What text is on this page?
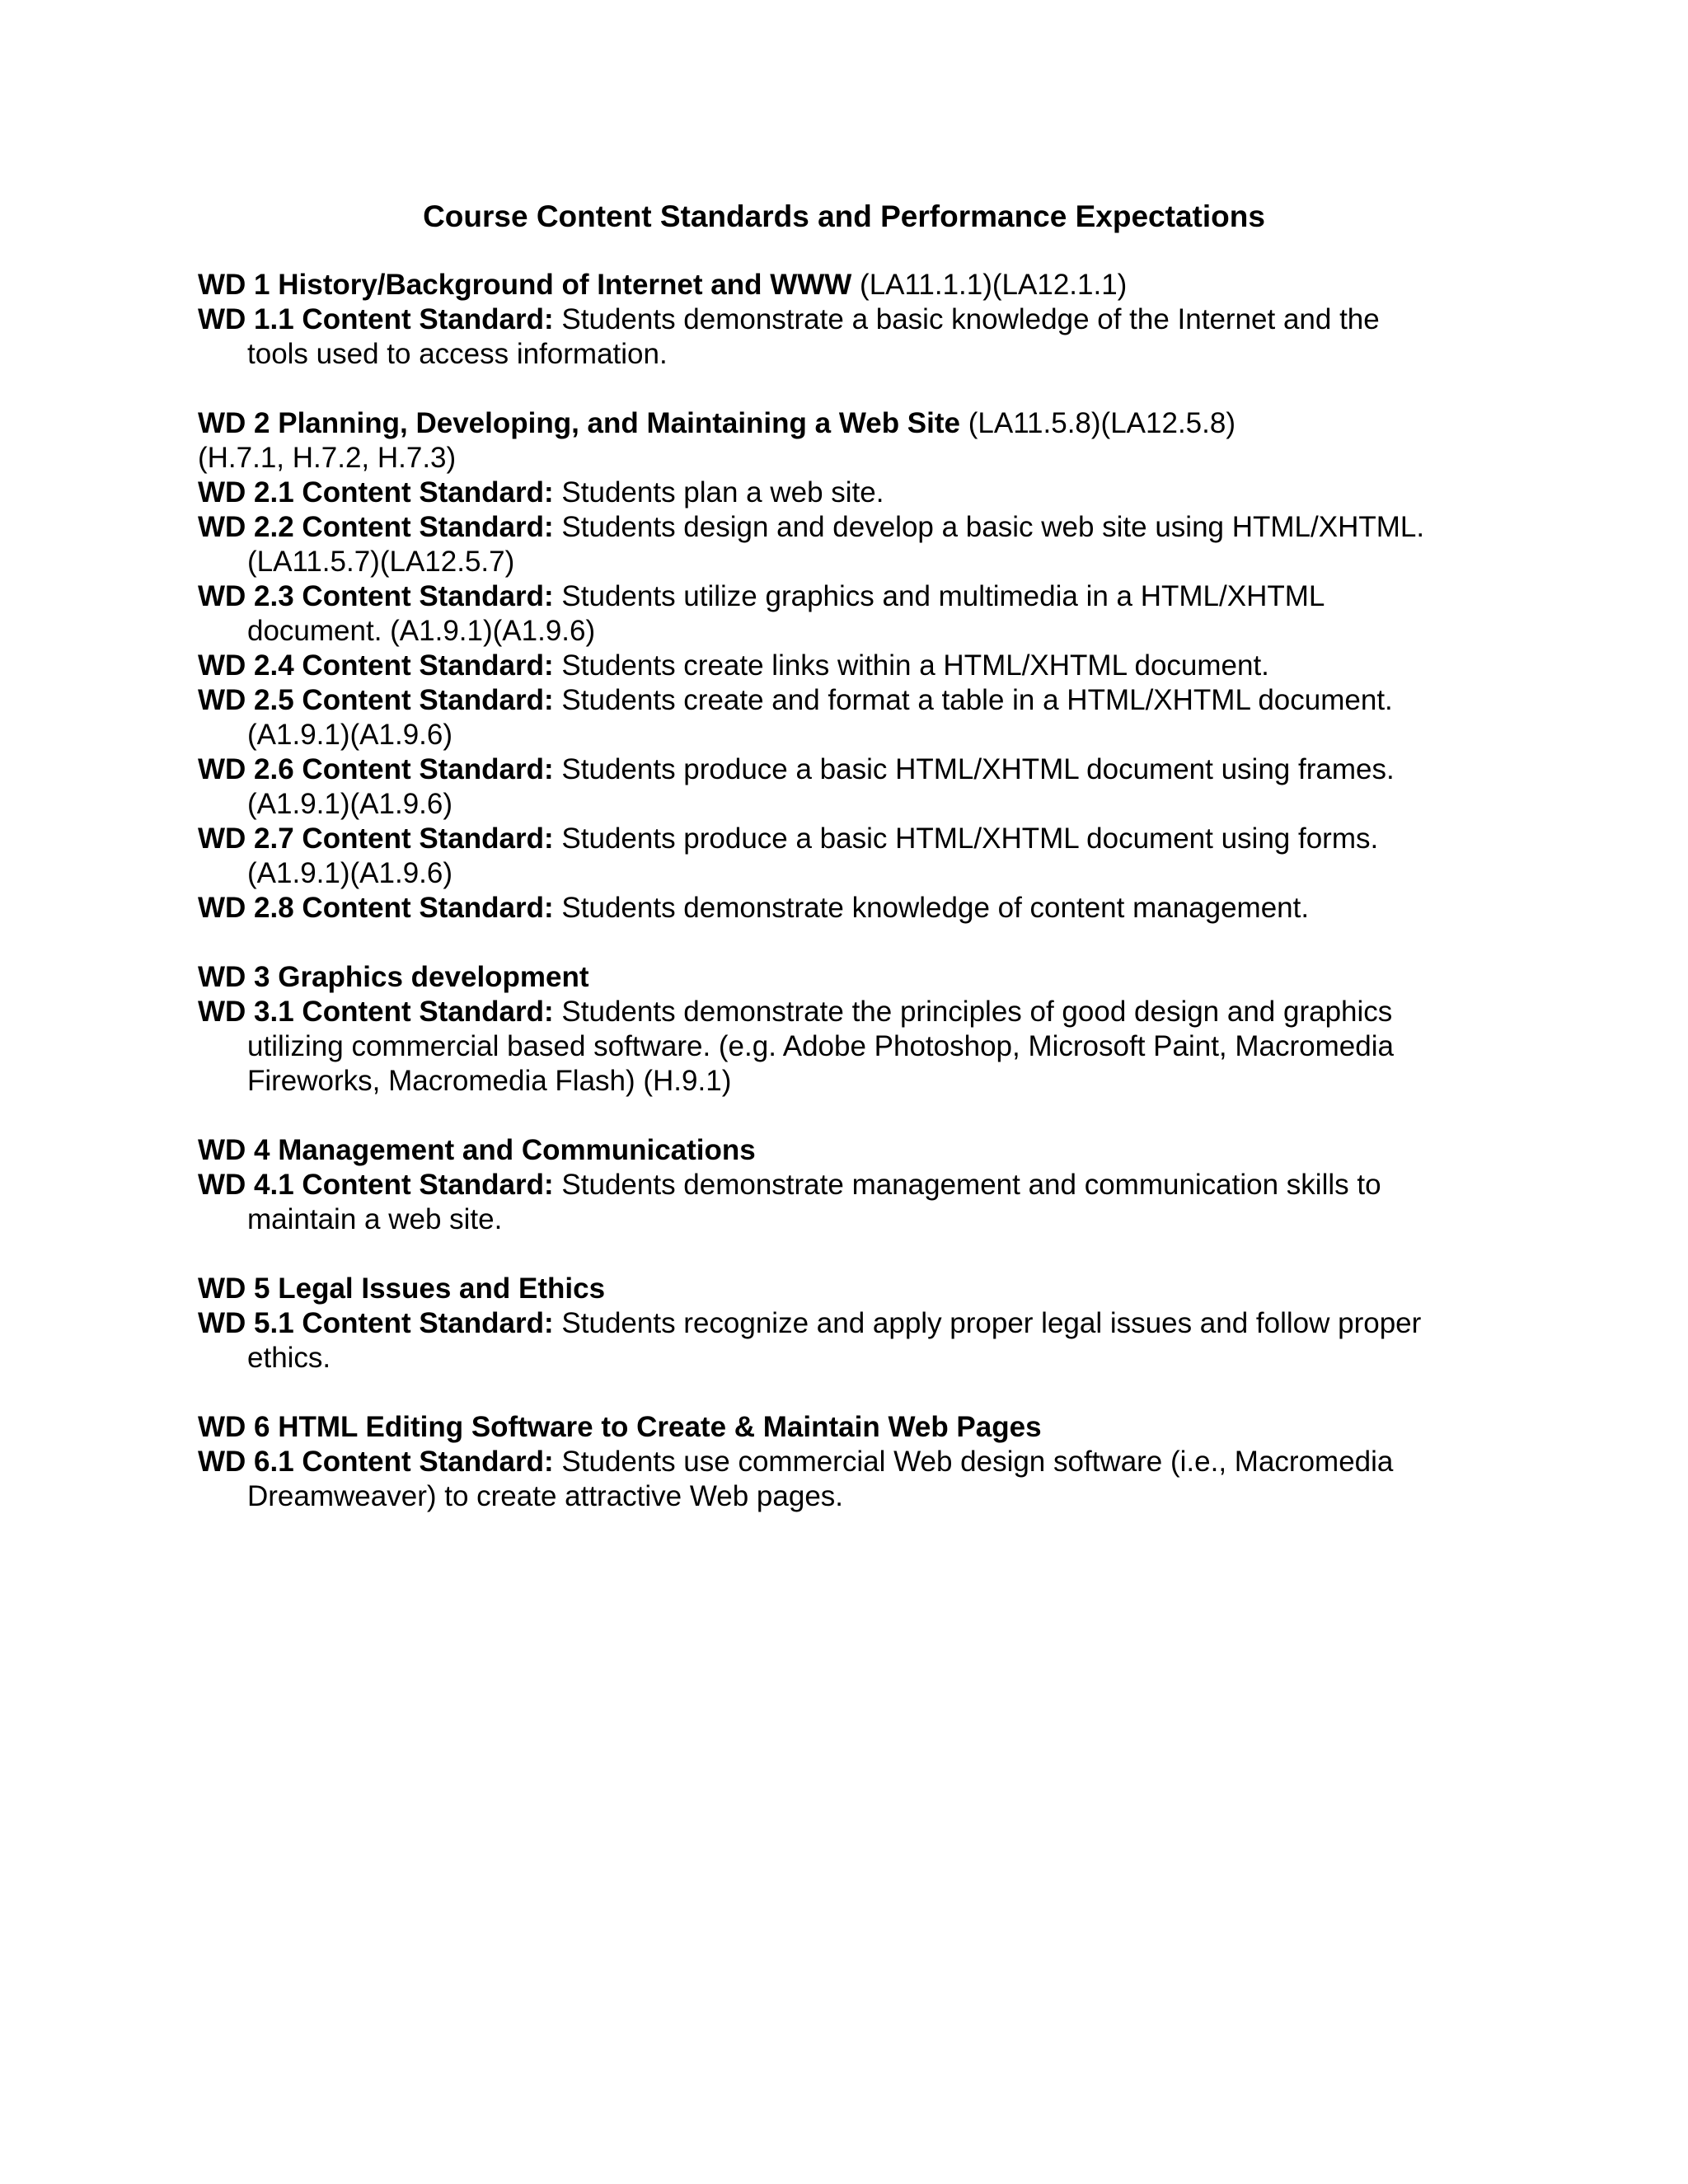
Course Content Standards and Performance Expectations

WD 1 History/Background of Internet and WWW (LA11.1.1)(LA12.1.1)

WD 1.1 Content Standard: Students demonstrate a basic knowledge of the Internet and the
tools used to access information.

WD 2 Planning, Developing, and Maintaining a Web Site (LA11.5.8)(LA12.5.8)

(H.7.1, H.7.2, H.7.3)

WD 2.1 Content Standard: Students plan a web site.
WD 2.2 Content Standard: Students design and develop a basic web site using HTML/XHTML.
(LA11.5.7)(LA12.5.7)
WD 2.3 Content Standard: Students utilize graphics and multimedia in a HTML/XHTML
document. (A1.9.1)(A1.9.6)
WD 2.4 Content Standard: Students create links within a HTML/XHTML document.
WD 2.5 Content Standard: Students create and format a table in a HTML/XHTML document.
(A1.9.1)(A1.9.6)
WD 2.6 Content Standard: Students produce a basic HTML/XHTML document using frames.
(A1.9.1)(A1.9.6)
WD 2.7 Content Standard: Students produce a basic HTML/XHTML document using forms.
(A1.9.1)(A1.9.6)
WD 2.8 Content Standard: Students demonstrate knowledge of content management.

WD 3 Graphics development

WD 3.1 Content Standard: Students demonstrate the principles of good design and graphics
utilizing commercial based software. (e.g. Adobe Photoshop, Microsoft Paint, Macromedia
Fireworks, Macromedia Flash) (H.9.1)

WD 4 Management and Communications

WD 4.1 Content Standard: Students demonstrate management and communication skills to
maintain a web site.

WD 5 Legal Issues and Ethics

WD 5.1 Content Standard: Students recognize and apply proper legal issues and follow proper
ethics.

WD 6 HTML Editing Software to Create & Maintain Web Pages

WD 6.1 Content Standard: Students use commercial Web design software (i.e., Macromedia
Dreamweaver) to create attractive Web pages.
